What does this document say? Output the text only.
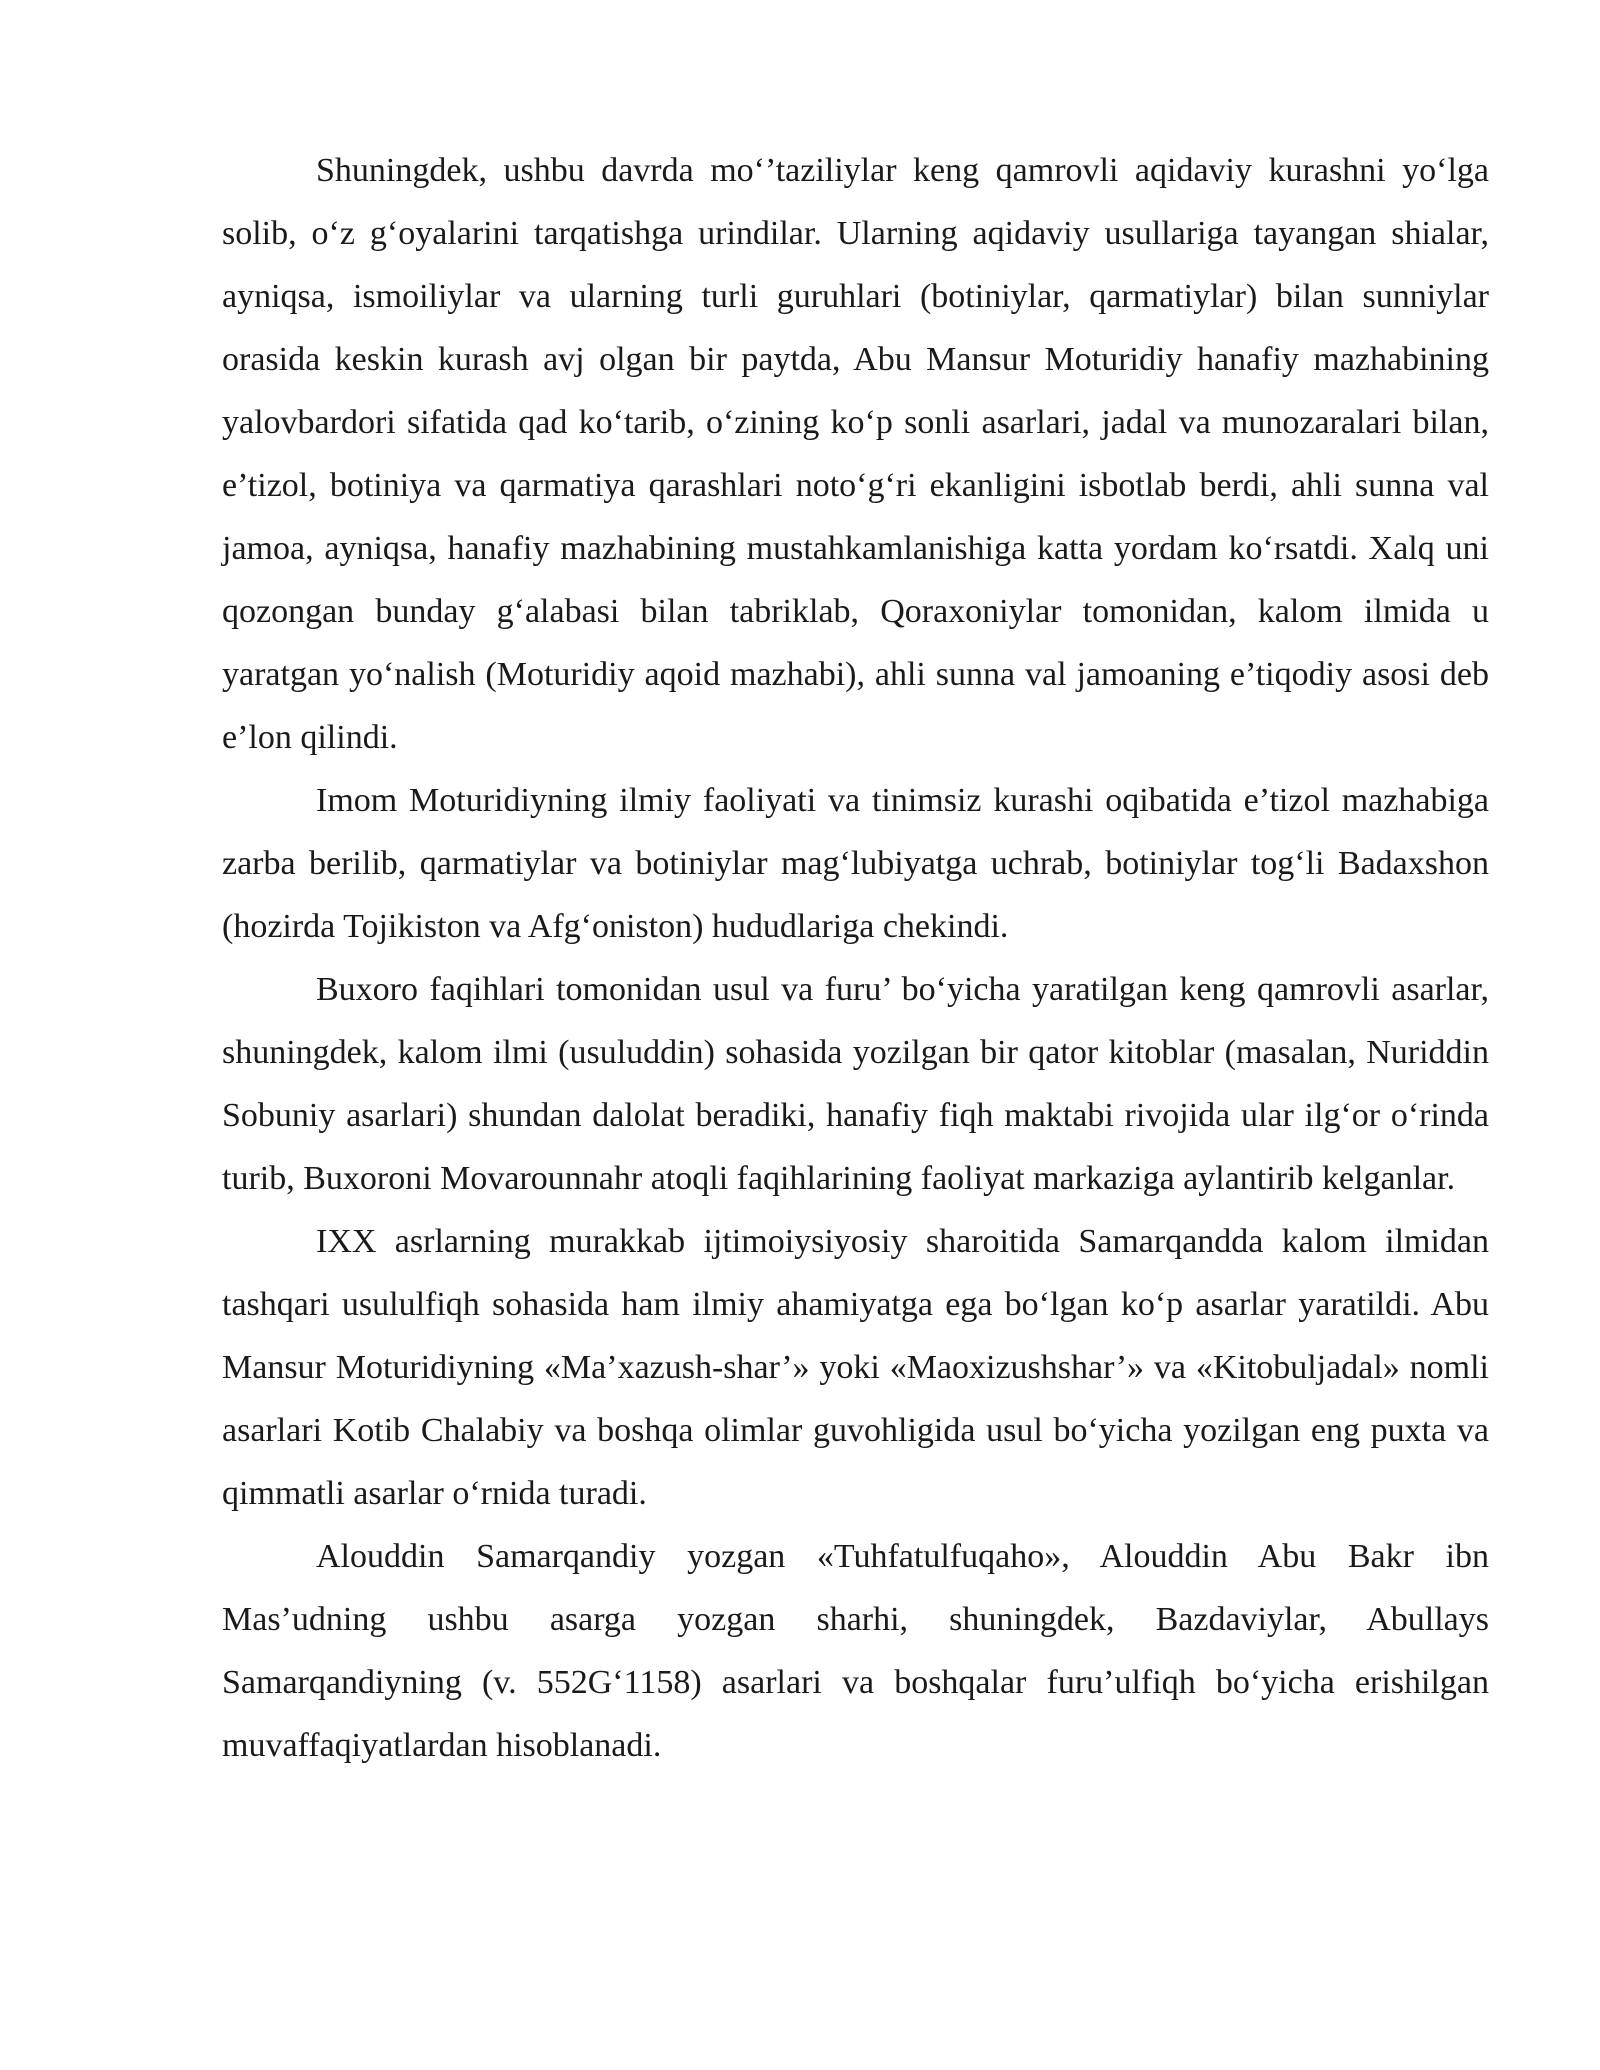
Shuningdek, ushbu davrda mo‘’taziliylar keng qamrovli aqidaviy kurashni yo‘lga solib, o‘z g‘oyalarini tarqatishga urindilar. Ularning aqidaviy usullariga tayangan shialar, ayniqsa, ismoiliylar va ularning turli guruhlari (botiniylar, qarmatiylar) bilan sunniylar orasida keskin kurash avj olgan bir paytda, Abu Mansur Moturidiy hanafiy mazhabining yalovbardori sifatida qad ko‘tarib, o‘zining ko‘p sonli asarlari, jadal va munozaralari bilan, e’tizol, botiniya va qarmatiya qarashlari noto‘g‘ri ekanligini isbotlab berdi, ahli sunna val jamoa, ayniqsa, hanafiy mazhabining mustahkamlanishiga katta yordam ko‘rsatdi. Xalq uni qozongan bunday g‘alabasi bilan tabriklab, Qoraxoniylar tomonidan, kalom ilmida u yaratgan yo‘nalish (Moturidiy aqoid mazhabi), ahli sunna val jamoaning e’tiqodiy asosi deb e’lon qilindi.

Imom Moturidiyning ilmiy faoliyati va tinimsiz kurashi oqibatida e’tizol mazhabiga zarba berilib, qarmatiylar va botiniylar mag‘lubiyatga uchrab, botiniylar tog‘li Badaxshon (hozirda Tojikiston va Afg‘oniston) hududlariga chekindi.

Buxoro faqihlari tomonidan usul va furu’ bo‘yicha yaratilgan keng qamrovli asarlar, shuningdek, kalom ilmi (usuluddin) sohasida yozilgan bir qator kitoblar (masalan, Nuriddin Sobuniy asarlari) shundan dalolat beradiki, hanafiy fiqh maktabi rivojida ular ilg‘or o‘rinda turib, Buxoroni Movarounnahr atoqli faqihlarining faoliyat markaziga aylantirib kelganlar.

IXX asrlarning murakkab ijtimoiysiyosiy sharoitida Samarqandda kalom ilmidan tashqari usululfiqh sohasida ham ilmiy ahamiyatga ega bo‘lgan ko‘p asarlar yaratildi. Abu Mansur Moturidiyning «Ma’xazush-shar’» yoki «Maoxizushshar’» va «Kitobuljadal» nomli asarlari Kotib Chalabiy va boshqa olimlar guvohligida usul bo‘yicha yozilgan eng puxta va qimmatli asarlar o‘rnida turadi.

Alouddin Samarqandiy yozgan «Tuhfatulfuqaho», Alouddin Abu Bakr ibn Mas’udning ushbu asarga yozgan sharhi, shuningdek, Bazdaviylar, Abullays Samarqandiyning (v. 552G‘1158) asarlari va boshqalar furu’ulfiqh bo‘yicha erishilgan muvaffaqiyatlardan hisoblanadi.
